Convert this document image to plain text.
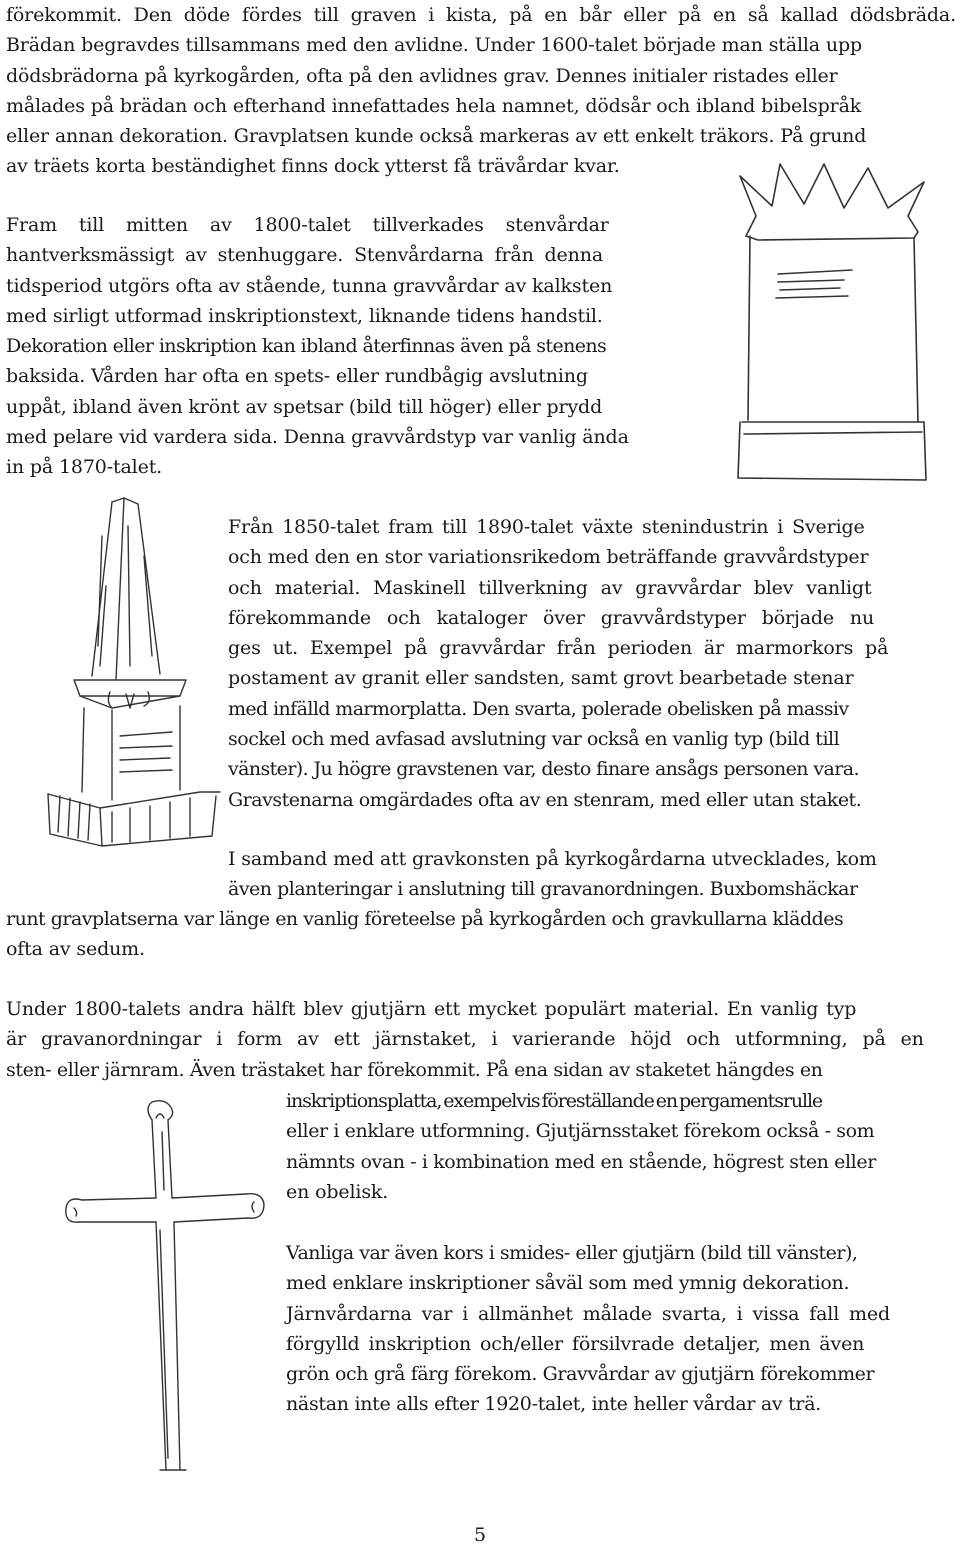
förekommit. Den döde fördes till graven i kista, på en bår eller på en så kallad dödsbräda.
Brädan begravdes tillsammans med den avlidne. Under 1600-talet började man ställa upp
dödsbrädorna på kyrkogården, ofta på den avlidnes grav. Dennes initialer ristades eller
målades på brädan och efterhand innefattades hela namnet, dödsår och ibland bibelspråk
eller annan dekoration. Gravplatsen kunde också markeras av ett enkelt träkors. På grund
av träets korta beständighet finns dock ytterst få trävårdar kvar.
Fram till mitten av 1800-talet tillverkades stenvårdar
hantverksmässigt av stenhuggare. Stenvårdarna från denna
tidsperiod utgörs ofta av stående, tunna gravvårdar av kalksten
med sirligt utformad inskriptionstext, liknande tidens handstil.
Dekoration eller inskription kan ibland återfinnas även på stenens
baksida. Vården har ofta en spets- eller rundbågig avslutning
uppåt, ibland även krönt av spetsar (bild till höger) eller prydd
med pelare vid vardera sida. Denna gravvårdstyp var vanlig ända
in på 1870-talet.
Från 1850-talet fram till 1890-talet växte stenindustrin i Sverige
och med den en stor variationsrikedom beträffande gravvårdstyper
och material. Maskinell tillverkning av gravvårdar blev vanligt
förekommande och kataloger över gravvårdstyper började nu
ges ut. Exempel på gravvårdar från perioden är marmorkors på
postament av granit eller sandsten, samt grovt bearbetade stenar
med infälld marmorplatta. Den svarta, polerade obelisken på massiv
sockel och med avfasad avslutning var också en vanlig typ (bild till
vänster). Ju högre gravstenen var, desto finare ansågs personen vara.
Gravstenarna omgärdades ofta av en stenram, med eller utan staket.
I samband med att gravkonsten på kyrkogårdarna utvecklades, kom
även planteringar i anslutning till gravanordningen. Buxbomshäckar
runt gravplatserna var länge en vanlig företeelse på kyrkogården och gravkullarna kläddes
ofta av sedum.
Under 1800-talets andra hälft blev gjutjärn ett mycket populärt material. En vanlig typ
är gravanordningar i form av ett järnstaket, i varierande höjd och utformning, på en
sten- eller järnram. Även trästaket har förekommit. På ena sidan av staketet hängdes en
inskriptionsplatta, exempelvis föreställande en pergamentsrulle
eller i enklare utformning. Gjutjärnsstaket förekom också - som
nämnts ovan - i kombination med en stående, högrest sten eller
en obelisk.
Vanliga var även kors i smides- eller gjutjärn (bild till vänster),
med enklare inskriptioner såväl som med ymnig dekoration.
Järnvårdarna var i allmänhet målade svarta, i vissa fall med
förgylld inskription och/eller försilvrade detaljer, men även
grön och grå färg förekom. Gravvårdar av gjutjärn förekommer
nästan inte alls efter 1920-talet, inte heller vårdar av trä.
5
